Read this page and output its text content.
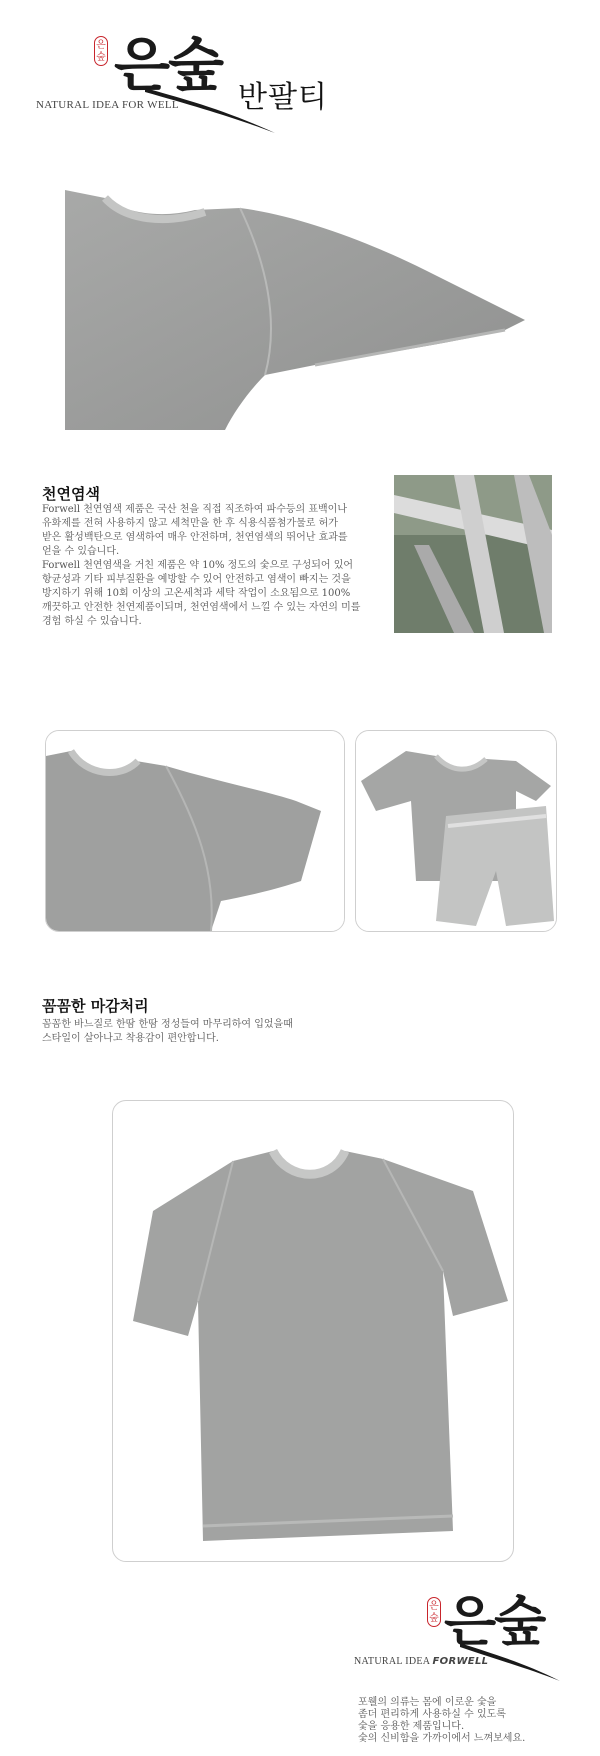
은숲 은숲
NATURAL IDEA FOR WELL 반팔티
천연염색
Forwell 천연염색 제품은 국산 천을 직접 직조하여 파수등의 표백이나
유화제를 전혀 사용하지 않고 세척만을 한 후 식용식품첨가물로 허가
받은 활성백탄으로 염색하여 매우 안전하며, 천연염색의 뛰어난 효과를
얻을 수 있습니다.
Forwell 천연염색을 거친 제품은 약 10% 정도의 숯으로 구성되어 있어
항균성과 기타 피부질환을 예방할 수 있어 안전하고 염색이 빠지는 것을
방지하기 위해 10회 이상의 고온세척과 세탁 작업이 소요됨으로 100%
깨끗하고 안전한 천연제품이되며, 천연염색에서 느낄 수 있는 자연의 미를
경험 하실 수 있습니다.
꼼꼼한 마감처리
꼼꼼한 바느질로 한땀 한땀 정성들여 마무리하여 입었을때
스타일이 살아나고 착용감이 편안합니다.
은숲 은숲
NATURAL IDEA FORWELL
포웰의 의류는 몸에 이로운 숯을
좀더 편리하게 사용하실 수 있도록
숯을 응용한 제품입니다.
숯의 신비함을 가까이에서 느껴보세요.
